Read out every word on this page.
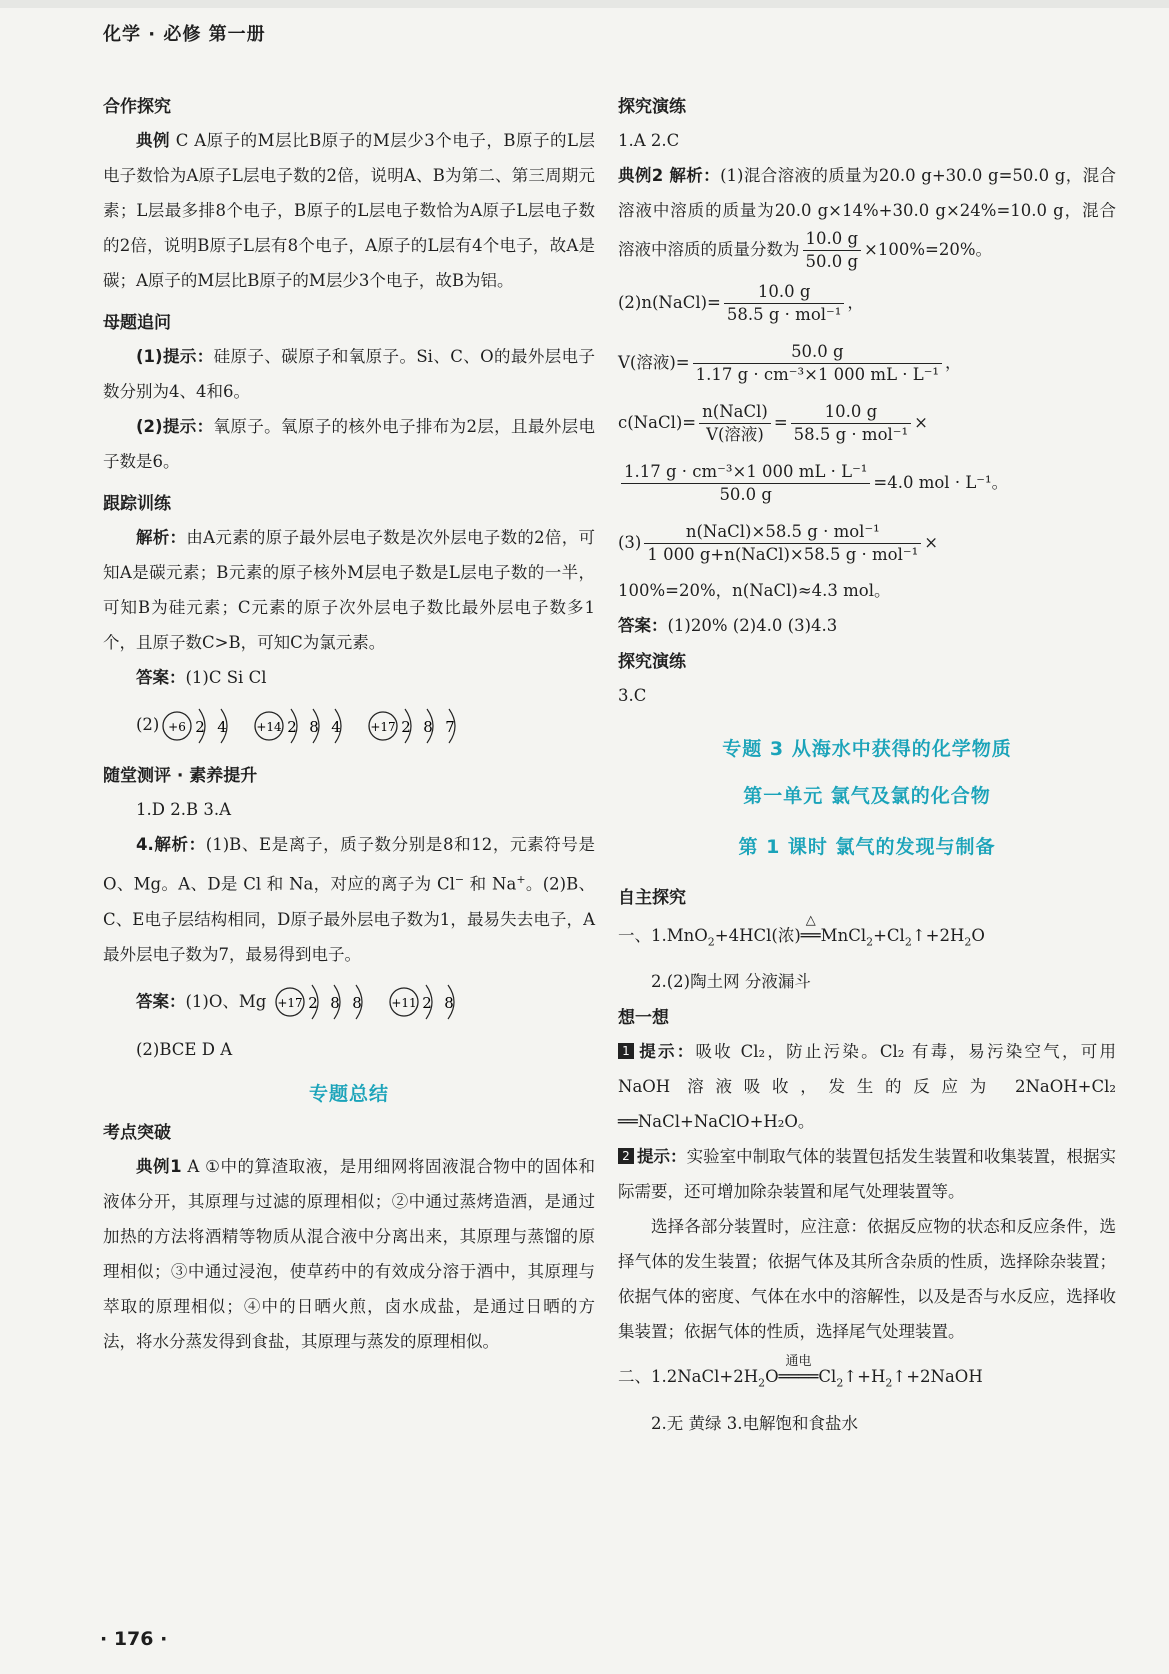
化学 · 必修 第一册
合作探究
典例 C A原子的M层比B原子的M层少3个电子，B原子的L层电子数恰为A原子L层电子数的2倍，说明A、B为第二、第三周期元素；L层最多排8个电子，B原子的L层电子数恰为A原子L层电子数的2倍，说明B原子L层有8个电子，A原子的L层有4个电子，故A是碳；A原子的M层比B原子的M层少3个电子，故B为铝。
母题追问
(1)提示：硅原子、碳原子和氧原子。Si、C、O的最外层电子数分别为4、4和6。
(2)提示：氧原子。氧原子的核外电子排布为2层，且最外层电子数是6。
跟踪训练
解析：由A元素的原子最外层电子数是次外层电子数的2倍，可知A是碳元素；B元素的原子核外M层电子数是L层电子数的一半，可知B为硅元素；C元素的原子次外层电子数比最外层电子数多1个，且原子数C>B，可知C为氯元素。
答案：(1)C Si Cl
(2) +6 2 4 +14 2 8 4 +17 2 8 7
随堂测评 · 素养提升
1.D 2.B 3.A
4.解析：(1)B、E是离子，质子数分别是8和12，元素符号是O、Mg。A、D是 Cl 和 Na，对应的离子为 Cl− 和 Na+。(2)B、C、E电子层结构相同，D原子最外层电子数为1，最易失去电子，A最外层电子数为7，最易得到电子。
答案：(1)O、Mg +17 2 8 8 +11 2 8
(2)BCE D A
专题总结
考点突破
典例1 A ①中的算渣取液，是用细网将固液混合物中的固体和液体分开，其原理与过滤的原理相似；②中通过蒸烤造酒，是通过加热的方法将酒精等物质从混合液中分离出来，其原理与蒸馏的原理相似；③中通过浸泡，使草药中的有效成分溶于酒中，其原理与萃取的原理相似；④中的日晒火煎，卤水成盐，是通过日晒的方法，将水分蒸发得到食盐，其原理与蒸发的原理相似。
探究演练
1.A 2.C
典例2 解析：(1)混合溶液的质量为20.0 g+30.0 g=50.0 g，混合溶液中溶质的质量为20.0 g×14%+30.0 g×24%=10.0 g，混合溶液中溶质的质量分数为 $\frac{10.0 g}{50.0 g} \times 100\%=20\%$。
(2)n(NaCl)= $\frac{10.0 g}{\text{58.5 g · mol⁻¹}}$ ，
V(溶液)= $\frac{50.0 g}{\text{1.17 g · cm⁻³×1 000 mL · L⁻¹}}$ ，
c(NaCl)= $\frac{\text{n(NaCl)}}{\text{V(溶液)}} = \frac{10.0 g}{\text{58.5 g · mol⁻¹}}$ ×
$\frac{\text{1.17 g · cm⁻³×1 000 mL · L⁻¹}}{50.0 g} =4.0$ mol · L⁻¹。
$(3) \frac{\text{n(NaCl)×58.5 g · mol⁻¹}}{\text{1 000 g+n(NaCl)×58.5 g · mol⁻¹}}$ ×
100%=20%，n(NaCl)≈4.3 mol。
答案：(1)20% (2)4.0 (3)4.3
探究演练
3.C
专题 3 从海水中获得的化学物质
第一单元 氯气及氯的化合物
第 1 课时 氯气的发现与制备
自主探究
一、1.MnO$_2$+4HCl(浓)
△
$══MnCl_2+Cl_2↑+2H_2O$
2.(2)陶土网 分液漏斗
想一想
1 提示：吸收 Cl₂，防止污染。Cl₂ 有毒，易污染空气，可用 NaOH 溶液吸收，发生的反应为 2NaOH+Cl₂ ══NaCl+NaClO+H₂O。
2 提示：实验室中制取气体的装置包括发生装置和收集装置，根据实际需要，还可增加除杂装置和尾气处理装置等。
选择各部分装置时，应注意：依据反应物的状态和反应条件，选择气体的发生装置；依据气体及其所含杂质的性质，选择除杂装置；依据气体的密度、气体在水中的溶解性，以及是否与水反应，选择收集装置；依据气体的性质，选择尾气处理装置。
二、$1.2NaCl+2H_2O$
通电
$════Cl_2↑+H_2↑+2NaOH$
2.无 黄绿 3.电解饱和食盐水
· 176 ·
